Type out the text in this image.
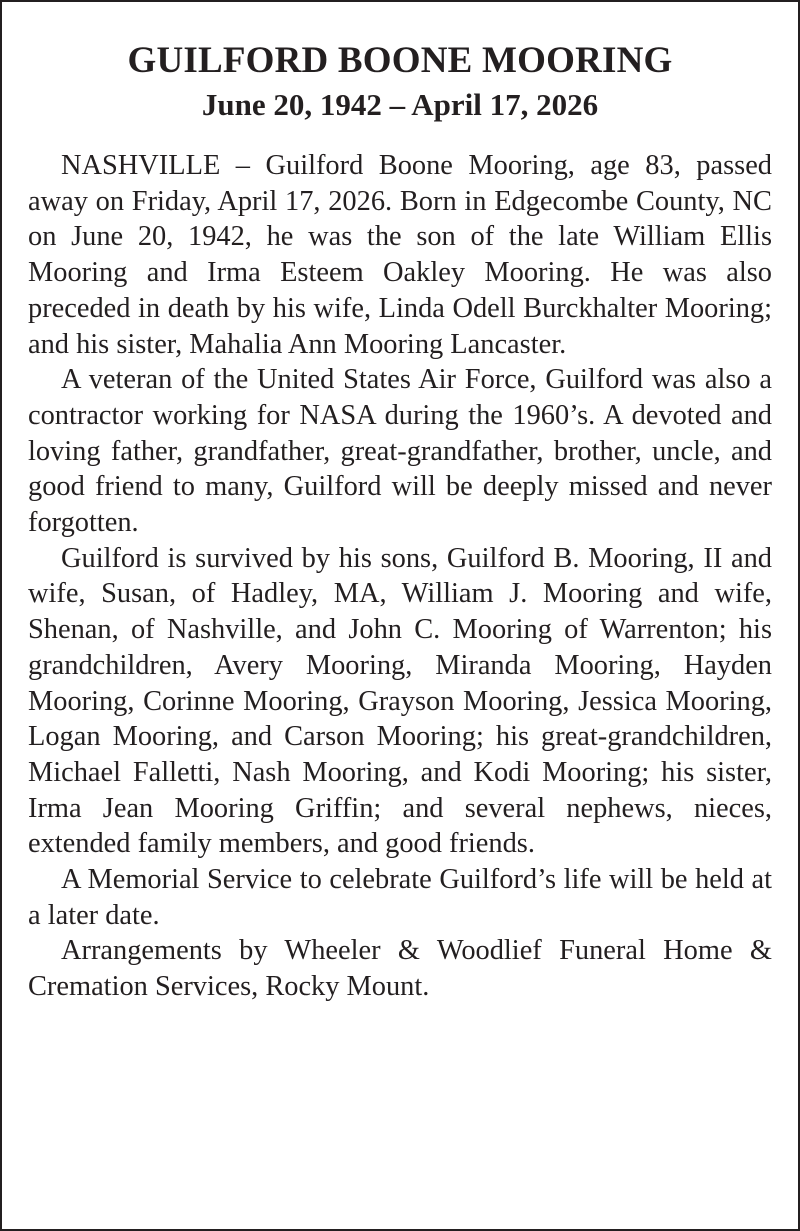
GUILFORD BOONE MOORING
June 20, 1942 – April 17, 2026

NASHVILLE – Guilford Boone Mooring, age 83, passed away on Friday, April 17, 2026. Born in Edgecombe County, NC on June 20, 1942, he was the son of the late William Ellis Mooring and Irma Esteem Oakley Mooring. He was also preceded in death by his wife, Linda Odell Burckhalter Mooring; and his sister, Mahalia Ann Mooring Lancaster.

A veteran of the United States Air Force, Guilford was also a contractor working for NASA during the 1960’s. A devoted and loving father, grandfather, great-grandfather, brother, uncle, and good friend to many, Guilford will be deeply missed and never forgotten.

Guilford is survived by his sons, Guilford B. Mooring, II and wife, Susan, of Hadley, MA, William J. Mooring and wife, Shenan, of Nashville, and John C. Mooring of Warrenton; his grandchildren, Avery Mooring, Miranda Mooring, Hayden Mooring, Corinne Mooring, Grayson Mooring, Jessica Mooring, Logan Mooring, and Carson Mooring; his great-grandchildren, Michael Falletti, Nash Mooring, and Kodi Mooring; his sister, Irma Jean Mooring Griffin; and several nephews, nieces, extended family members, and good friends.

A Memorial Service to celebrate Guilford’s life will be held at a later date.

Arrangements by Wheeler & Woodlief Funeral Home & Cremation Services, Rocky Mount.
